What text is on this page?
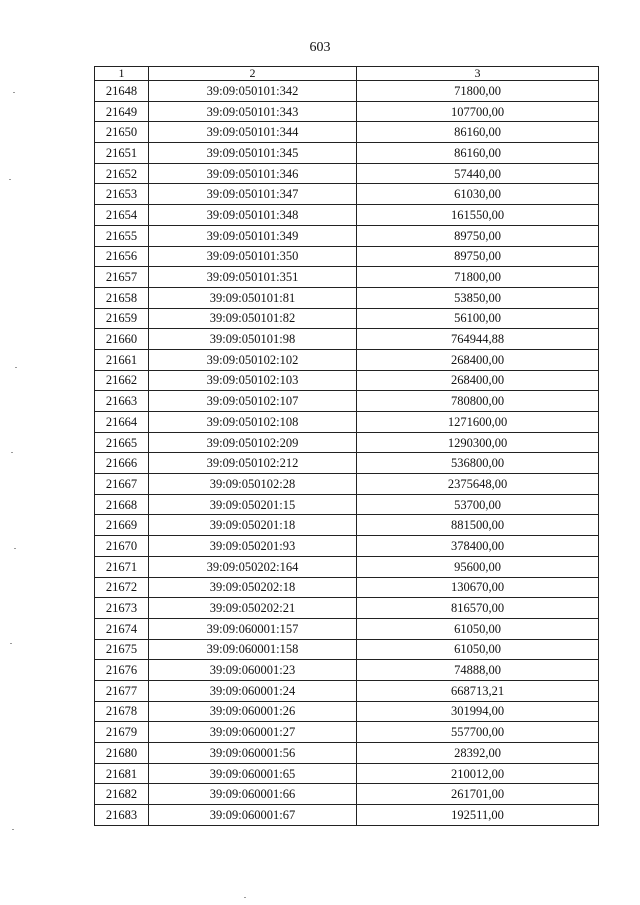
603
1	2	3
21648	39:09:050101:342	71800,00
21649	39:09:050101:343	107700,00
21650	39:09:050101:344	86160,00
21651	39:09:050101:345	86160,00
21652	39:09:050101:346	57440,00
21653	39:09:050101:347	61030,00
21654	39:09:050101:348	161550,00
21655	39:09:050101:349	89750,00
21656	39:09:050101:350	89750,00
21657	39:09:050101:351	71800,00
21658	39:09:050101:81	53850,00
21659	39:09:050101:82	56100,00
21660	39:09:050101:98	764944,88
21661	39:09:050102:102	268400,00
21662	39:09:050102:103	268400,00
21663	39:09:050102:107	780800,00
21664	39:09:050102:108	1271600,00
21665	39:09:050102:209	1290300,00
21666	39:09:050102:212	536800,00
21667	39:09:050102:28	2375648,00
21668	39:09:050201:15	53700,00
21669	39:09:050201:18	881500,00
21670	39:09:050201:93	378400,00
21671	39:09:050202:164	95600,00
21672	39:09:050202:18	130670,00
21673	39:09:050202:21	816570,00
21674	39:09:060001:157	61050,00
21675	39:09:060001:158	61050,00
21676	39:09:060001:23	74888,00
21677	39:09:060001:24	668713,21
21678	39:09:060001:26	301994,00
21679	39:09:060001:27	557700,00
21680	39:09:060001:56	28392,00
21681	39:09:060001:65	210012,00
21682	39:09:060001:66	261701,00
21683	39:09:060001:67	192511,00
